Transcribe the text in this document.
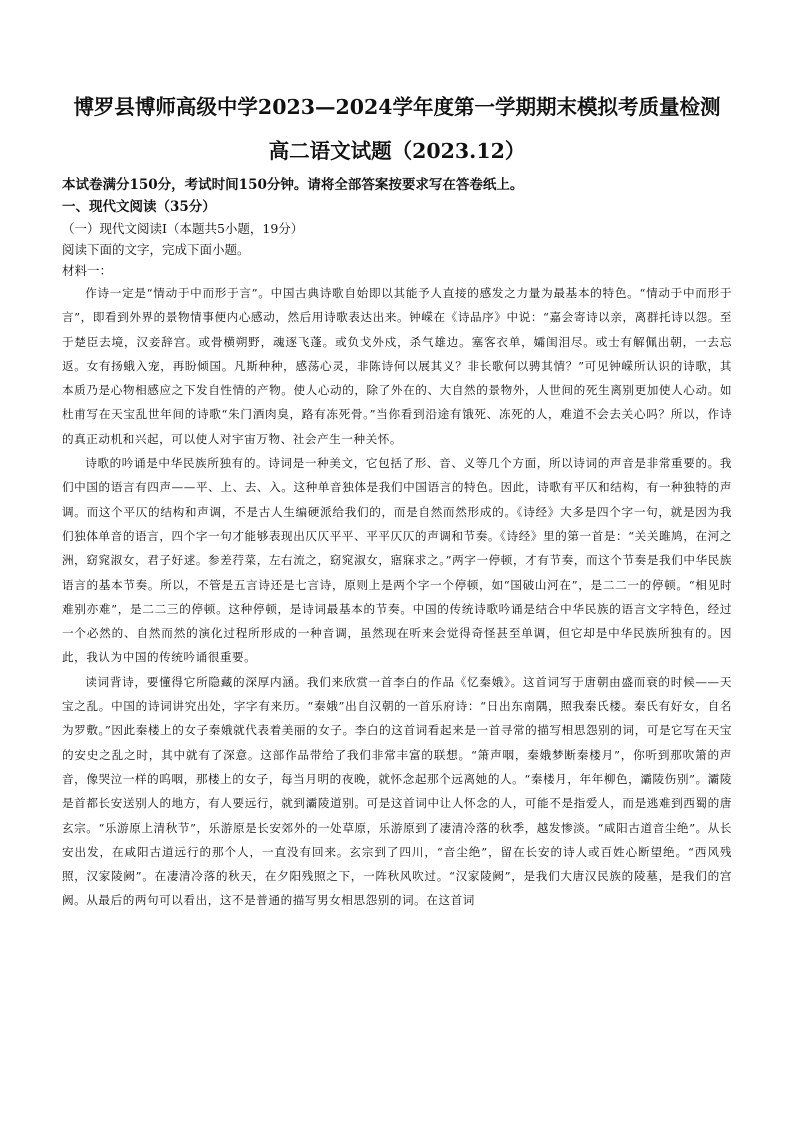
博罗县博师高级中学2023—2024学年度第一学期期末模拟考质量检测
高二语文试题（2023.12）
本试卷满分150分，考试时间150分钟。请将全部答案按要求写在答卷纸上。
一、现代文阅读（35分）
（一）现代文阅读Ⅰ（本题共5小题，19分）
阅读下面的文字，完成下面小题。
材料一：

作诗一定是“情动于中而形于言”。中国古典诗歌自始即以其能予人直接的感发之力量为最基本的特色。“情动于中而形于言”，即看到外界的景物情事便内心感动，然后用诗歌表达出来。钟嵘在《诗品序》中说：“嘉会寄诗以亲，离群托诗以怨。至于楚臣去境，汉妾辞宫。或骨横朔野，魂逐飞蓬。或负戈外戍，杀气雄边。塞客衣单，孀闺泪尽。或士有解佩出朝，一去忘返。女有扬蛾入宠，再盼倾国。凡斯种种，感荡心灵，非陈诗何以展其义？非长歌何以骋其情？”可见钟嵘所认识的诗歌，其本质乃是心物相感应之下发自性情的产物。使人心动的，除了外在的、大自然的景物外，人世间的死生离别更加使人心动。如杜甫写在天宝乱世年间的诗歌“朱门酒肉臭，路有冻死骨。”当你看到沿途有饿死、冻死的人，难道不会去关心吗？所以，作诗的真正动机和兴起，可以使人对宇宙万物、社会产生一种关怀。

诗歌的吟诵是中华民族所独有的。诗词是一种美文，它包括了形、音、义等几个方面，所以诗词的声音是非常重要的。我们中国的语言有四声——平、上、去、入。这种单音独体是我们中国语言的特色。因此，诗歌有平仄和结构，有一种独特的声调。而这个平仄的结构和声调，不是古人生编硬派给我们的，而是自然而然形成的。《诗经》大多是四个字一句，就是因为我们独体单音的语言，四个字一句才能够表现出仄仄平平、平平仄仄的声调和节奏。《诗经》里的第一首是：“关关雎鸠，在河之洲，窈窕淑女，君子好逑。参差荇菜，左右流之，窈窕淑女，寤寐求之。”两字一停顿，才有节奏，而这个节奏是我们中华民族语言的基本节奏。所以，不管是五言诗还是七言诗，原则上是两个字一个停顿，如“国破山河在”，是二二一的停顿。“相见时难别亦难”，是二二三的停顿。这种停顿，是诗词最基本的节奏。中国的传统诗歌吟诵是结合中华民族的语言文字特色，经过一个必然的、自然而然的演化过程所形成的一种音调，虽然现在听来会觉得奇怪甚至单调，但它却是中华民族所独有的。因此，我认为中国的传统吟诵很重要。

读词背诗，要懂得它所隐藏的深厚内涵。我们来欣赏一首李白的作品《忆秦娥》。这首词写于唐朝由盛而衰的时候——天宝之乱。中国的诗词讲究出处，字字有来历。“秦娥”出自汉朝的一首乐府诗：“日出东南隅，照我秦氏楼。秦氏有好女，自名为罗敷。”因此秦楼上的女子秦娥就代表着美丽的女子。李白的这首词看起来是一首寻常的描写相思怨别的词，可是它写在天宝的安史之乱之时，其中就有了深意。这部作品带给了我们非常丰富的联想。“箫声咽，秦娥梦断秦楼月”，你听到那吹箫的声音，像哭泣一样的呜咽，那楼上的女子，每当月明的夜晚，就怀念起那个远离她的人。“秦楼月，年年柳色，灞陵伤别”。灞陵是首都长安送别人的地方，有人要远行，就到灞陵道别。可是这首词中让人怀念的人，可能不是指爱人，而是逃难到西蜀的唐玄宗。“乐游原上清秋节”，乐游原是长安郊外的一处草原，乐游原到了凄清冷落的秋季，越发惨淡。“咸阳古道音尘绝”。从长安出发，在咸阳古道远行的那个人，一直没有回来。玄宗到了四川，“音尘绝”，留在长安的诗人或百姓心断望绝。“西风残照，汉家陵阙”。在凄清冷落的秋天，在夕阳残照之下，一阵秋风吹过。“汉家陵阙”，是我们大唐汉民族的陵墓，是我们的宫阙。从最后的两句可以看出，这不是普通的描写男女相思怨别的词。在这首词
